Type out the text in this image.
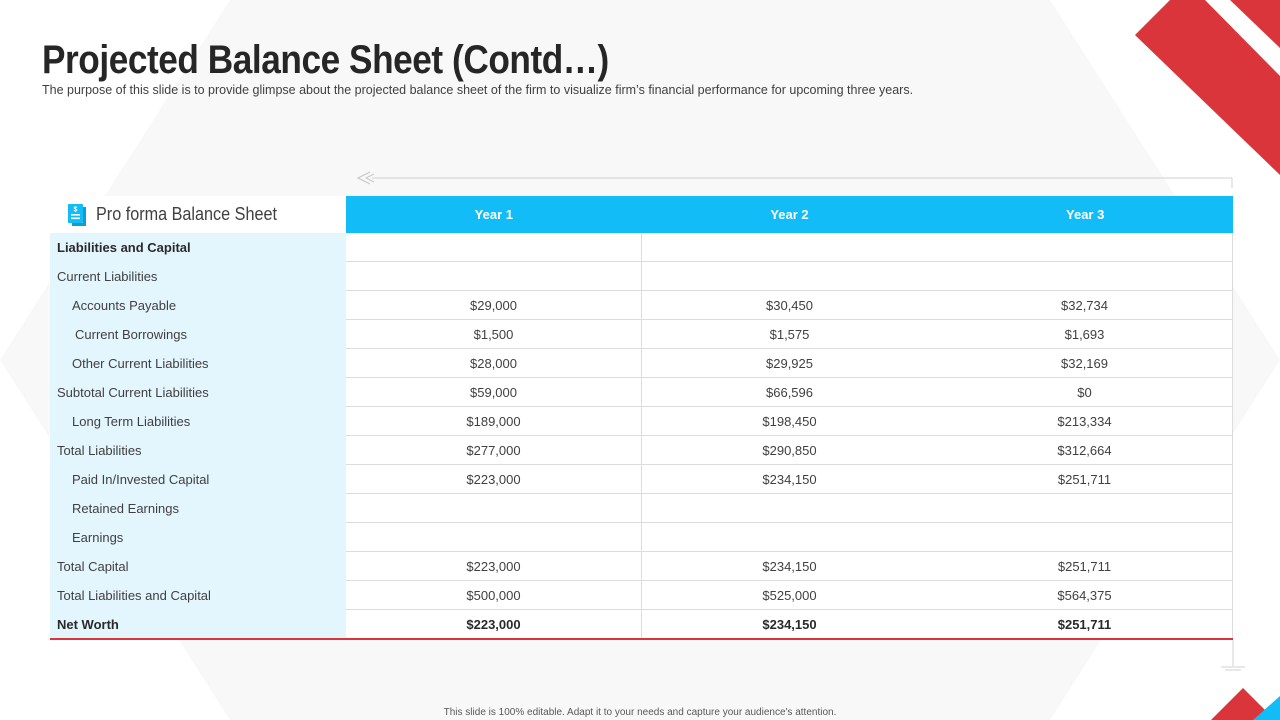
Projected Balance Sheet (Contd…)

The purpose of this slide is to provide glimpse about the projected balance sheet of the firm to visualize firm’s financial performance for upcoming three years.

$ Pro forma Balance Sheet	Year 1	Year 2	Year 3
Liabilities and Capital			
Current Liabilities			
Accounts Payable	$29,000	$30,450	$32,734
Current Borrowings	$1,500	$1,575	$1,693
Other Current Liabilities	$28,000	$29,925	$32,169
Subtotal Current Liabilities	$59,000	$66,596	$0
Long Term Liabilities	$189,000	$198,450	$213,334
Total Liabilities	$277,000	$290,850	$312,664
Paid In/Invested Capital	$223,000	$234,150	$251,711
Retained Earnings			
Earnings			
Total Capital	$223,000	$234,150	$251,711
Total Liabilities and Capital	$500,000	$525,000	$564,375
Net Worth	$223,000	$234,150	$251,711

This slide is 100% editable. Adapt it to your needs and capture your audience's attention.
